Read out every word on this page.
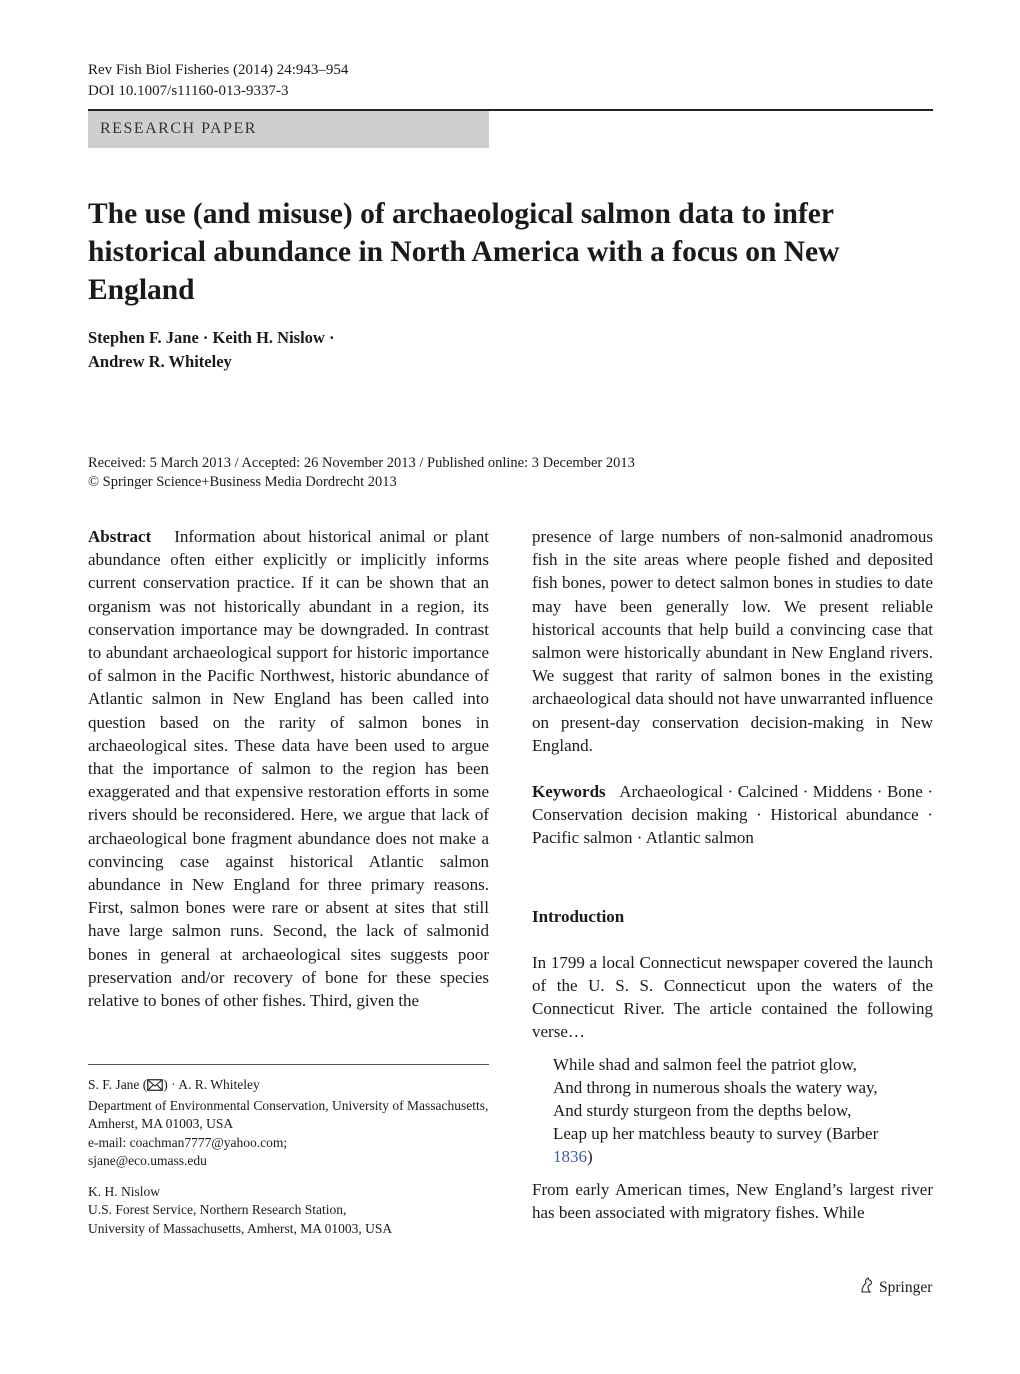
Rev Fish Biol Fisheries (2014) 24:943–954
DOI 10.1007/s11160-013-9337-3
RESEARCH PAPER
The use (and misuse) of archaeological salmon data to infer historical abundance in North America with a focus on New England
Stephen F. Jane · Keith H. Nislow ·
Andrew R. Whiteley
Received: 5 March 2013 / Accepted: 26 November 2013 / Published online: 3 December 2013
© Springer Science+Business Media Dordrecht 2013

Abstract Information about historical animal or plant abundance often either explicitly or implicitly informs current conservation practice. If it can be shown that an organism was not historically abundant in a region, its conservation importance may be downgraded. In contrast to abundant archaeological support for historic importance of salmon in the Pacific Northwest, historic abundance of Atlantic salmon in New England has been called into question based on the rarity of salmon bones in archaeological sites. These data have been used to argue that the importance of salmon to the region has been exaggerated and that expensive restoration efforts in some rivers should be reconsidered. Here, we argue that lack of archaeological bone fragment abundance does not make a convincing case against historical Atlantic salmon abundance in New England for three primary reasons. First, salmon bones were rare or absent at sites that still have large salmon runs. Second, the lack of salmonid bones in general at archaeological sites suggests poor preservation and/or recovery of bone for these species relative to bones of other fishes. Third, given the

presence of large numbers of non-salmonid anadromous fish in the site areas where people fished and deposited fish bones, power to detect salmon bones in studies to date may have been generally low. We present reliable historical accounts that help build a convincing case that salmon were historically abundant in New England rivers. We suggest that rarity of salmon bones in the existing archaeological data should not have unwarranted influence on present-day conservation decision-making in New England.

Keywords Archaeological · Calcined · Middens · Bone · Conservation decision making · Historical abundance · Pacific salmon · Atlantic salmon

Introduction

In 1799 a local Connecticut newspaper covered the launch of the U. S. S. Connecticut upon the waters of the Connecticut River. The article contained the following verse…

While shad and salmon feel the patriot glow,
And throng in numerous shoals the watery way,
And sturdy sturgeon from the depths below,
Leap up her matchless beauty to survey (Barber
1836)

From early American times, New England’s largest river has been associated with migratory fishes. While

S. F. Jane ( ) · A. R. Whiteley

Department of Environmental Conservation, University of Massachusetts, Amherst, MA 01003, USA

e-mail: coachman7777@yahoo.com;

sjane@eco.umass.edu

K. H. Nislow

U.S. Forest Service, Northern Research Station,

University of Massachusetts, Amherst, MA 01003, USA

Springer
